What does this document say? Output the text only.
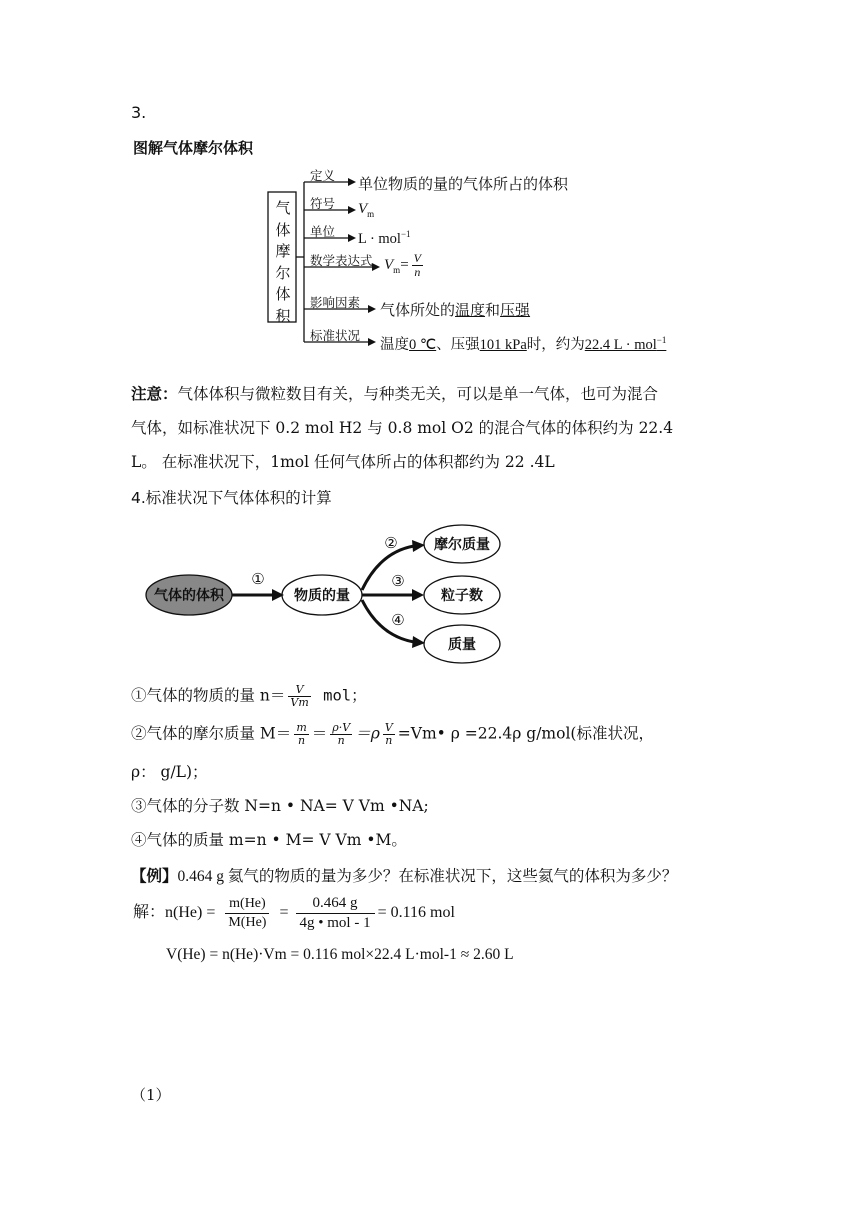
3.
图解气体摩尔体积
气
体
摩
尔
体
积
定义
符号
单位
数学表达式
影响因素
标准状况
单位物质的量的气体所占的体积
$V_m$
L · mol$^{-1}$
$V_m= \frac{V}{n}$
气体所处的温度和压强
温度0 ℃、压强101 kPa时，约为22.4 L · mol$^{-1}$
注意：气体体积与微粒数目有关，与种类无关，可以是单一气体，也可为混合
气体，如标准状况下 0.2 mol H2 与 0.8 mol O2 的混合气体的体积约为 22.4
L。 在标准状况下，1mol 任何气体所占的体积都约为 22 .4L
4.标准状况下气体体积的计算
气体的体积	物质的量
摩尔质量
粒子数
质量
①
②
③
④
①气体的物质的量 $n= \frac{V}{Vm}$ mol；
②气体的摩尔质量 $M= \frac{m}{n} = \frac{\rho\cdot V}{n} =\rho \frac{V}{n}$ =Vm• ρ =22.4ρ g/mol(标准状况，
ρ： g/L)；
③气体的分子数 N=n • NA= V Vm •NA;
④气体的质量 m=n • M= V Vm •M。
【例】0.464 g 氦气的物质的量为多少？在标准状况下，这些氦气的体积为多少？
解：$n(He) = \frac{m(He)}{M(He)}$ =
0.464 g
4g • mol - 1
= 0.116 mol
V(He) = n(He)·Vm = 0.116 mol×22.4 L·mol-1 ≈ 2.60 L
（1）
